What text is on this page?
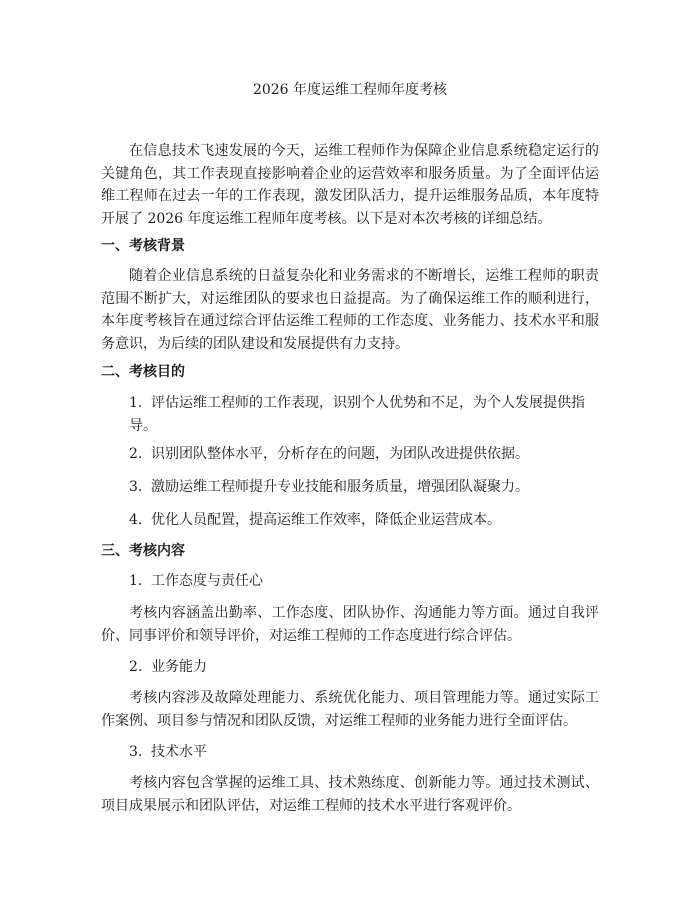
2026 年度运维工程师年度考核

在信息技术飞速发展的今天，运维工程师作为保障企业信息系统稳定运行的关键角色，其工作表现直接影响着企业的运营效率和服务质量。为了全面评估运维工程师在过去一年的工作表现，激发团队活力，提升运维服务品质，本年度特开展了 2026 年度运维工程师年度考核。以下是对本次考核的详细总结。

一、考核背景

随着企业信息系统的日益复杂化和业务需求的不断增长，运维工程师的职责范围不断扩大，对运维团队的要求也日益提高。为了确保运维工作的顺利进行，本年度考核旨在通过综合评估运维工程师的工作态度、业务能力、技术水平和服务意识，为后续的团队建设和发展提供有力支持。

二、考核目的
1. 评估运维工程师的工作表现，识别个人优势和不足，为个人发展提供指导。
2. 识别团队整体水平，分析存在的问题，为团队改进提供依据。
3. 激励运维工程师提升专业技能和服务质量，增强团队凝聚力。
4. 优化人员配置，提高运维工作效率，降低企业运营成本。
三、考核内容
1. 工作态度与责任心

考核内容涵盖出勤率、工作态度、团队协作、沟通能力等方面。通过自我评价、同事评价和领导评价，对运维工程师的工作态度进行综合评估。

2. 业务能力

考核内容涉及故障处理能力、系统优化能力、项目管理能力等。通过实际工作案例、项目参与情况和团队反馈，对运维工程师的业务能力进行全面评估。

3. 技术水平

考核内容包含掌握的运维工具、技术熟练度、创新能力等。通过技术测试、项目成果展示和团队评估，对运维工程师的技术水平进行客观评价。
